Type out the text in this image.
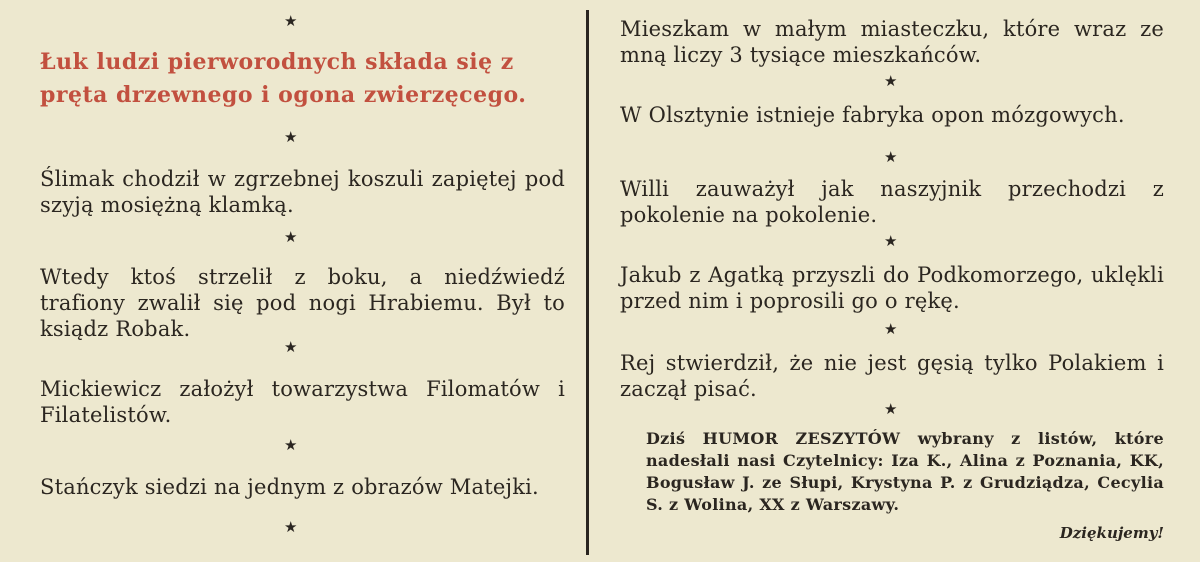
★
Łuk ludzi pierworodnych składa się z pręta drzewnego i ogona zwierzęcego.
★
Ślimak chodził w zgrzebnej koszuli zapiętej pod szyją mosiężną klamką.
★
Wtedy ktoś strzelił z boku, a niedźwiedź trafiony zwalił się pod nogi Hrabiemu. Był to ksiądz Robak.
★
Mickiewicz założył towarzystwa Filomatów i Filatelistów.
★
Stańczyk siedzi na jednym z obrazów Matejki.
★
Mieszkam w małym miasteczku, które wraz ze mną liczy 3 tysiące mieszkańców.
★
W Olsztynie istnieje fabryka opon mózgowych.
★
Willi zauważył jak naszyjnik przechodzi z pokolenie na pokolenie.
★
Jakub z Agatką przyszli do Podkomorzego, uklękli przed nim i poprosili go o rękę.
★
Rej stwierdził, że nie jest gęsią tylko Polakiem i zaczął pisać.
★
Dziś HUMOR ZESZYTÓW wybrany z listów, które nadesłali nasi Czytelnicy: Iza K., Alina z Poznania, KK, Bogusław J. ze Słupi, Krystyna P. z Grudziądza, Cecylia S. z Wolina, XX z Warszawy.
Dziękujemy!
